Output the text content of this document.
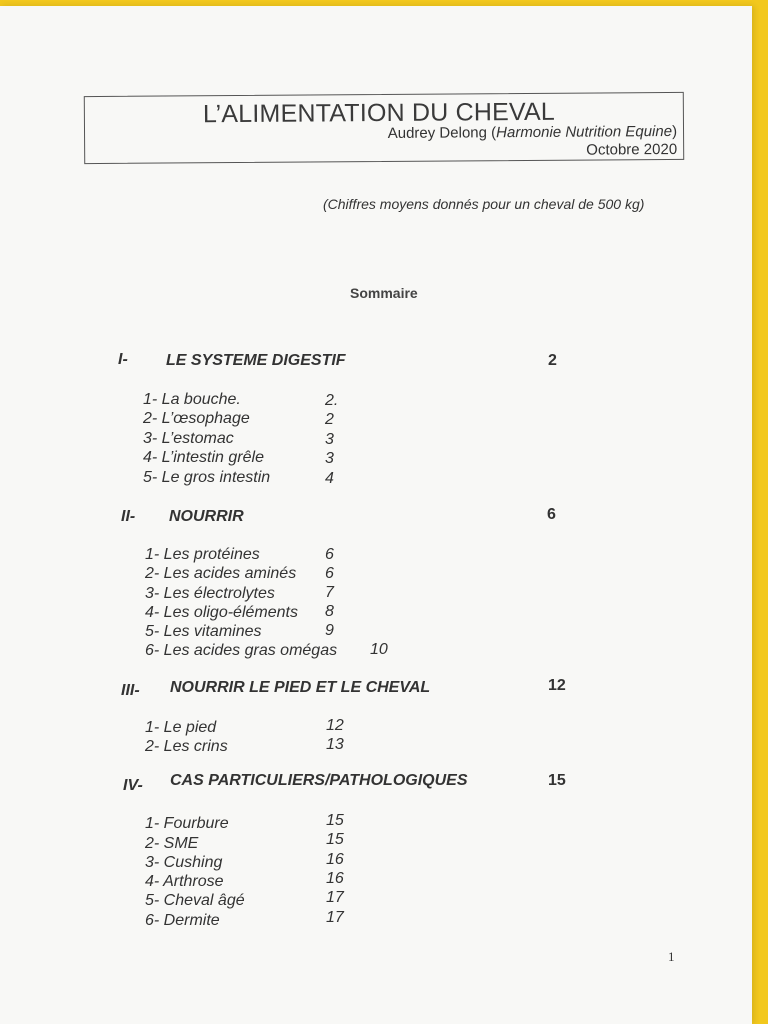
L’ALIMENTATION DU CHEVAL
Audrey Delong (Harmonie Nutrition Equine)
Octobre 2020
(Chiffres moyens donnés pour un cheval de 500 kg)
Sommaire
I- LE SYSTEME DIGESTIF	2
1- La bouche.	2.
2- L’œsophage	2
3- L’estomac	3
4- L’intestin grêle	3
5- Le gros intestin	4
II- NOURRIR	6
1- Les protéines	6
2- Les acides aminés 6
3- Les électrolytes	7
4- Les oligo-éléments 8
5- Les vitamines	9
6- Les acides gras omégas 10
III- NOURRIR LE PIED ET LE CHEVAL	12
1- Le pied	12
2- Les crins	13
IV- CAS PARTICULIERS/PATHOLOGIQUES	15
1- Fourbure	15
2- SME	15
3- Cushing	16
4- Arthrose	16
5- Cheval âgé	17
6- Dermite	17
1
